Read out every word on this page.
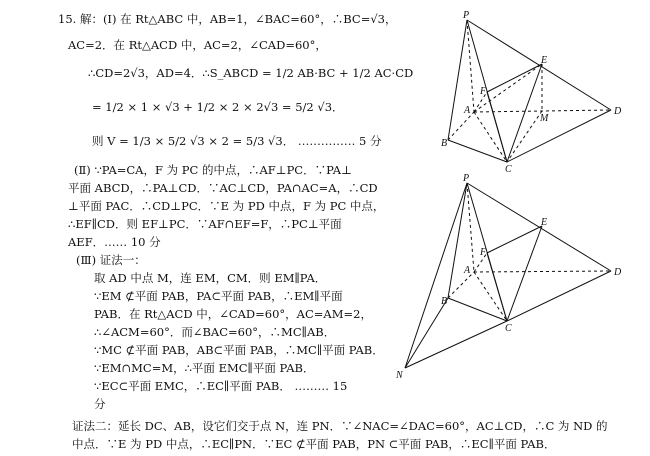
15. 解：(Ⅰ) 在 Rt△ABC 中，AB=1，∠BAC=60°，∴BC=√3，
AC=2．在 Rt△ACD 中，AC=2，∠CAD=60°，
∴CD=2√3，AD=4．∴S_ABCD = 1/2 AB·BC + 1/2 AC·CD
= 1/2 × 1 × √3 + 1/2 × 2 × 2√3 = 5/2 √3．
则 V = 1/3 × 5/2 √3 × 2 = 5/3 √3． …………… 5 分
(Ⅱ) ∵PA=CA，F 为 PC 的中点，∴AF⊥PC．∵PA⊥
平面 ABCD，∴PA⊥CD．∵AC⊥CD，PA∩AC=A，∴CD
⊥平面 PAC．∴CD⊥PC．∵E 为 PD 中点，F 为 PC 中点，
∴EF∥CD．则 EF⊥PC．∵AF∩EF=F，∴PC⊥平面
AEF．…… 10 分
(Ⅲ) 证法一：
取 AD 中点 M，连 EM，CM．则 EM∥PA．
∵EM ⊄平面 PAB，PA⊂平面 PAB，∴EM∥平面
PAB．在 Rt△ACD 中，∠CAD=60°，AC=AM=2，
∴∠ACM=60°．而∠BAC=60°，∴MC∥AB．
∵MC ⊄平面 PAB，AB⊂平面 PAB，∴MC∥平面 PAB．
∵EM∩MC=M，∴平面 EMC∥平面 PAB．
∵EC⊂平面 EMC，∴EC∥平面 PAB． ……… 15
分
证法二：延长 DC、AB，设它们交于点 N，连 PN．∵∠NAC=∠DAC=60°，AC⊥CD，∴C 为 ND 的
中点．∵E 为 PD 中点，∴EC∥PN．∵EC ⊄平面 PAB，PN ⊂平面 PAB，∴EC∥平面 PAB．
P
E
F
A
M
D
B
C
P
E
F
A	D
B
C
N
